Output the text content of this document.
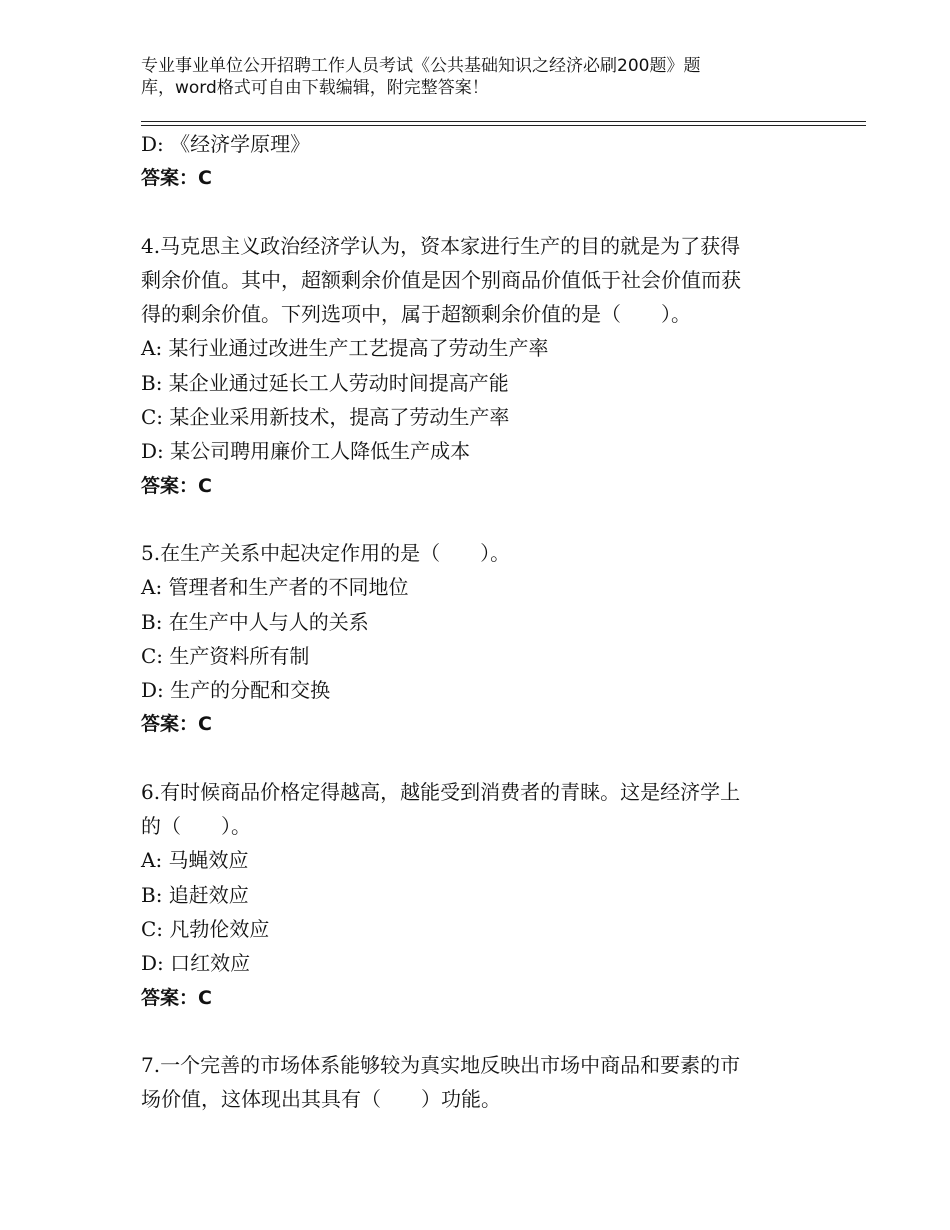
专业事业单位公开招聘工作人员考试《公共基础知识之经济必刷200题》题
库，word格式可自由下载编辑，附完整答案！
D: 《经济学原理》
答案：C
4.马克思主义政治经济学认为，资本家进行生产的目的就是为了获得
剩余价值。其中，超额剩余价值是因个别商品价值低于社会价值而获
得的剩余价值。下列选项中，属于超额剩余价值的是（　　）。
A: 某行业通过改进生产工艺提高了劳动生产率
B: 某企业通过延长工人劳动时间提高产能
C: 某企业采用新技术，提高了劳动生产率
D: 某公司聘用廉价工人降低生产成本
答案：C
5.在生产关系中起决定作用的是（　　）。
A: 管理者和生产者的不同地位
B: 在生产中人与人的关系
C: 生产资料所有制
D: 生产的分配和交换
答案：C
6.有时候商品价格定得越高，越能受到消费者的青睐。这是经济学上
的（　　）。
A: 马蝇效应
B: 追赶效应
C: 凡勃伦效应
D: 口红效应
答案：C
7.一个完善的市场体系能够较为真实地反映出市场中商品和要素的市
场价值，这体现出其具有（　　）功能。
